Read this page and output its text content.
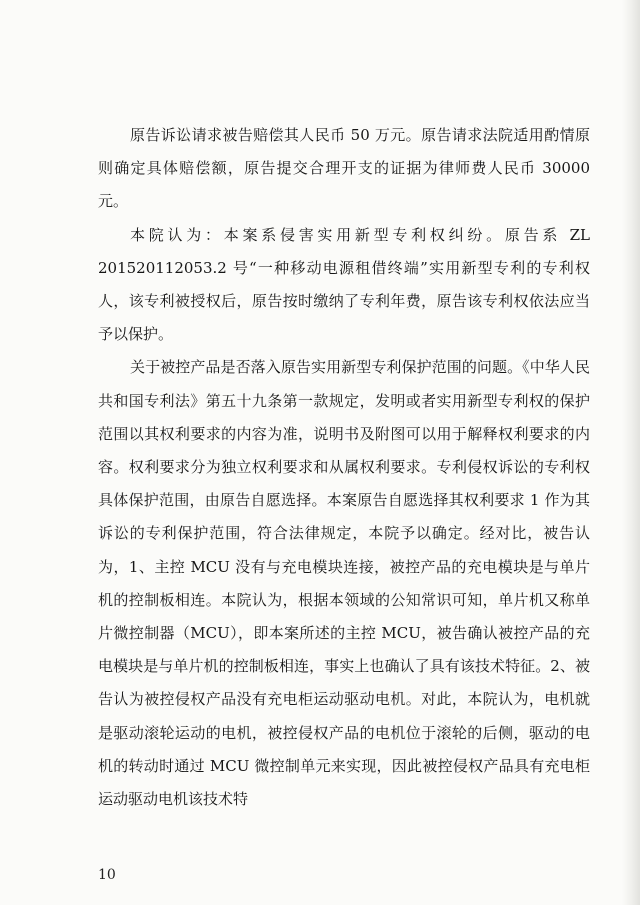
原告诉讼请求被告赔偿其人民币 50 万元。原告请求法院适用酌情原则确定具体赔偿额，原告提交合理开支的证据为律师费人民币 30000 元。

本院认为：本案系侵害实用新型专利权纠纷。原告系 ZL 201520112053.2 号“一种移动电源租借终端”实用新型专利的专利权人，该专利被授权后，原告按时缴纳了专利年费，原告该专利权依法应当予以保护。

关于被控产品是否落入原告实用新型专利保护范围的问题。《中华人民共和国专利法》第五十九条第一款规定，发明或者实用新型专利权的保护范围以其权利要求的内容为准，说明书及附图可以用于解释权利要求的内容。权利要求分为独立权利要求和从属权利要求。专利侵权诉讼的专利权具体保护范围，由原告自愿选择。本案原告自愿选择其权利要求 1 作为其诉讼的专利保护范围，符合法律规定，本院予以确定。经对比，被告认为，1、主控 MCU 没有与充电模块连接，被控产品的充电模块是与单片机的控制板相连。本院认为，根据本领域的公知常识可知，单片机又称单片微控制器（MCU），即本案所述的主控 MCU，被告确认被控产品的充电模块是与单片机的控制板相连，事实上也确认了具有该技术特征。2、被告认为被控侵权产品没有充电柜运动驱动电机。对此，本院认为，电机就是驱动滚轮运动的电机，被控侵权产品的电机位于滚轮的后侧，驱动的电机的转动时通过 MCU 微控制单元来实现，因此被控侵权产品具有充电柜运动驱动电机该技术特

10
